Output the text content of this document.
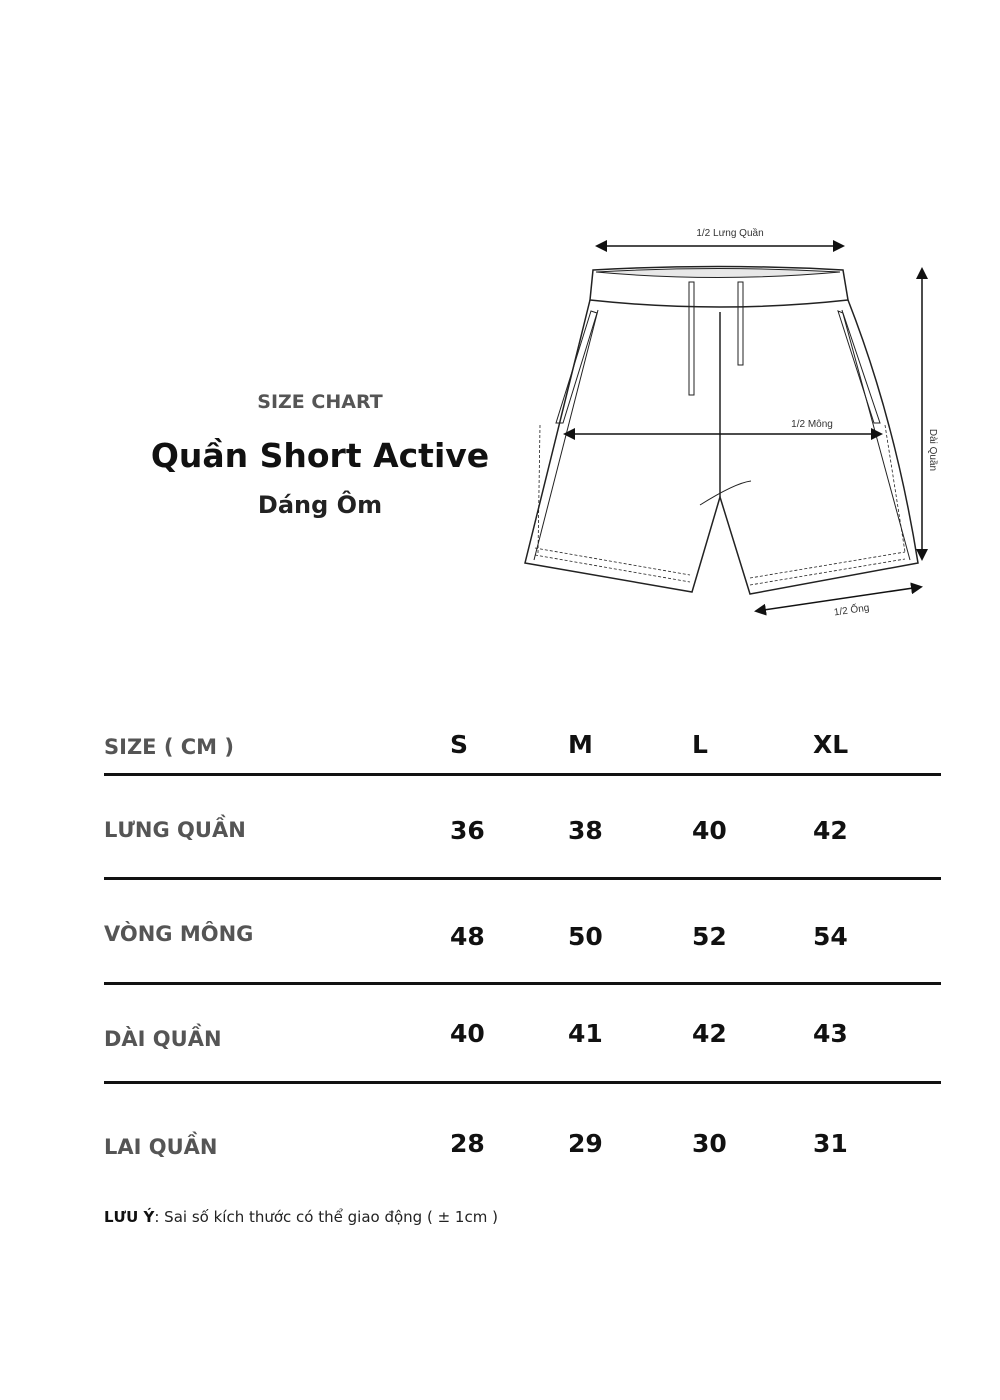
SIZE CHART
Quần Short Active
Dáng Ôm
1/2 Lưng Quần
1/2 Mông
Dài Quần
1/2 Ống
SIZE ( CM )	S	M	L	XL
LƯNG QUẦN	36	38	40	42
VÒNG MÔNG	48	50	52	54
DÀI QUẦN	40	41	42	43
LAI QUẦN	28	29	30	31
LƯU Ý: Sai số kích thước có thể giao động ( ± 1cm )
